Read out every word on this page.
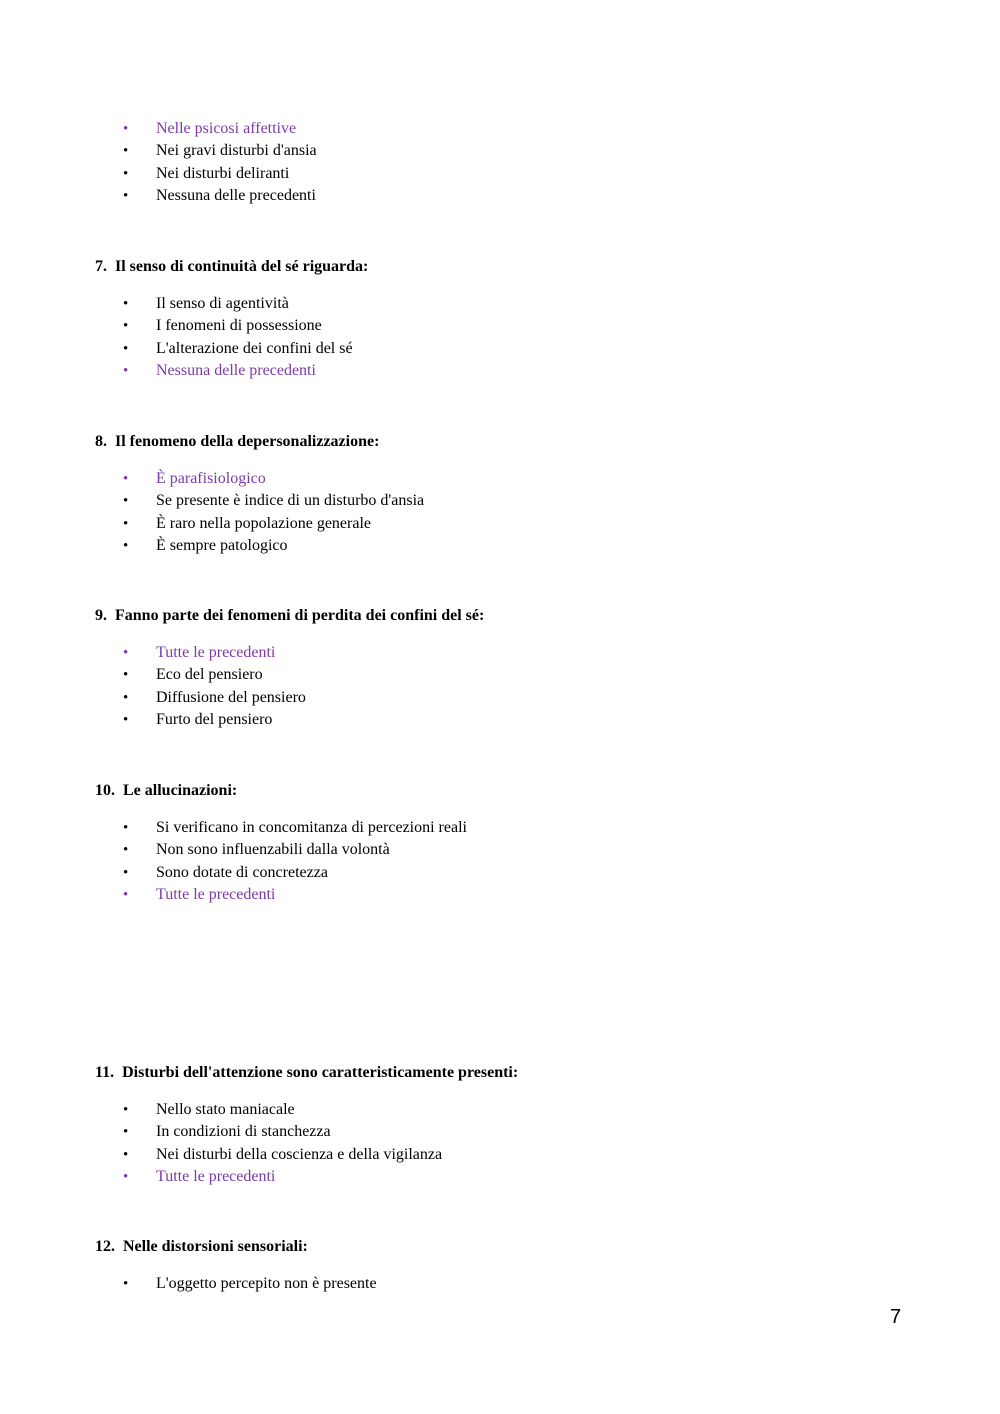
• Nelle psicosi affettive
• Nei gravi disturbi d'ansia
• Nei disturbi deliranti
• Nessuna delle precedenti
7. Il senso di continuità del sé riguarda:
• Il senso di agentività
• I fenomeni di possessione
• L'alterazione dei confini del sé
• Nessuna delle precedenti
8. Il fenomeno della depersonalizzazione:
• È parafisiologico
• Se presente è indice di un disturbo d'ansia
• È raro nella popolazione generale
• È sempre patologico
9. Fanno parte dei fenomeni di perdita dei confini del sé:
• Tutte le precedenti
• Eco del pensiero
• Diffusione del pensiero
• Furto del pensiero
10. Le allucinazioni:
• Si verificano in concomitanza di percezioni reali
• Non sono influenzabili dalla volontà
• Sono dotate di concretezza
• Tutte le precedenti
11. Disturbi dell'attenzione sono caratteristicamente presenti:
• Nello stato maniacale
• In condizioni di stanchezza
• Nei disturbi della coscienza e della vigilanza
• Tutte le precedenti
12. Nelle distorsioni sensoriali:
• L'oggetto percepito non è presente
7
